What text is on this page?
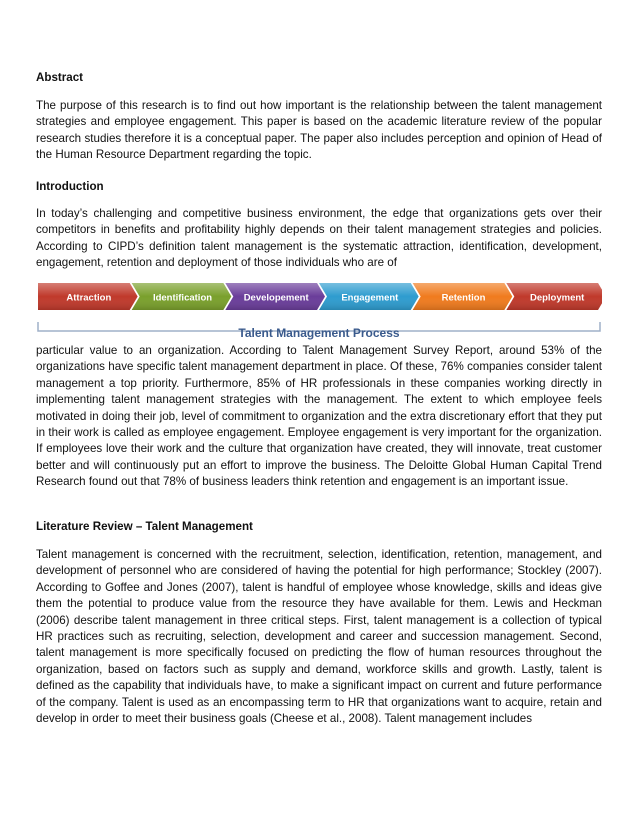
Abstract

The purpose of this research is to find out how important is the relationship between the talent management strategies and employee engagement. This paper is based on the academic literature review of the popular research studies therefore it is a conceptual paper. The paper also includes perception and opinion of Head of the Human Resource Department regarding the topic.

Introduction

In today’s challenging and competitive business environment, the edge that organizations gets over their competitors in benefits and profitability highly depends on their talent management strategies and policies. According to CIPD’s definition talent management is the systematic attraction, identification, development, engagement, retention and deployment of those individuals who are of

Attraction	Identification	Developement	Engagement	Retention	Deployment
Talent Management Process

particular value to an organization. According to Talent Management Survey Report, around 53% of the organizations have specific talent management department in place. Of these, 76% companies consider talent management a top priority. Furthermore, 85% of HR professionals in these companies working directly in implementing talent management strategies with the management. The extent to which employee feels motivated in doing their job, level of commitment to organization and the extra discretionary effort that they put in their work is called as employee engagement. Employee engagement is very important for the organization. If employees love their work and the culture that organization have created, they will innovate, treat customer better and will continuously put an effort to improve the business. The Deloitte Global Human Capital Trend Research found out that 78% of business leaders think retention and engagement is an important issue.

Literature Review – Talent Management

Talent management is concerned with the recruitment, selection, identification, retention, management, and development of personnel who are considered of having the potential for high performance; Stockley (2007). According to Goffee and Jones (2007), talent is handful of employee whose knowledge, skills and ideas give them the potential to produce value from the resource they have available for them. Lewis and Heckman (2006) describe talent management in three critical steps. First, talent management is a collection of typical HR practices such as recruiting, selection, development and career and succession management. Second, talent management is more specifically focused on predicting the flow of human resources throughout the organization, based on factors such as supply and demand, workforce skills and growth. Lastly, talent is defined as the capability that individuals have, to make a significant impact on current and future performance of the company. Talent is used as an encompassing term to HR that organizations want to acquire, retain and develop in order to meet their business goals (Cheese et al., 2008). Talent management includes
